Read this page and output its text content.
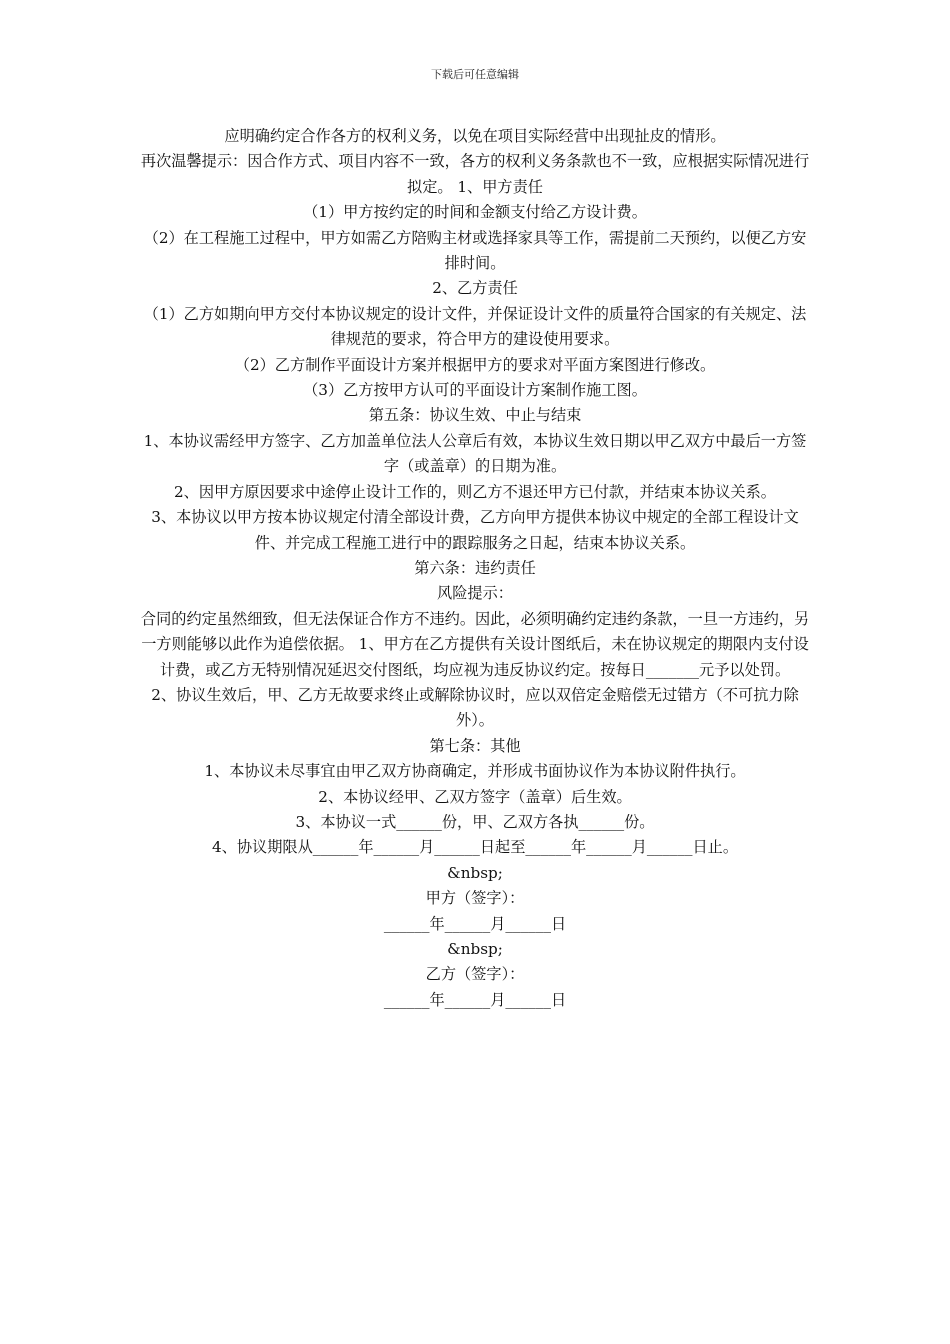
下载后可任意编辑

应明确约定合作各方的权利义务，以免在项目实际经营中出现扯皮的情形。

再次温馨提示：因合作方式、项目内容不一致，各方的权利义务条款也不一致，应根据实际情况进行拟定。 1、甲方责任

（1）甲方按约定的时间和金额支付给乙方设计费。

（2）在工程施工过程中，甲方如需乙方陪购主材或选择家具等工作，需提前二天预约，以便乙方安排时间。

2、乙方责任

（1）乙方如期向甲方交付本协议规定的设计文件，并保证设计文件的质量符合国家的有关规定、法律规范的要求，符合甲方的建设使用要求。

（2）乙方制作平面设计方案并根据甲方的要求对平面方案图进行修改。

（3）乙方按甲方认可的平面设计方案制作施工图。

第五条：协议生效、中止与结束

1、本协议需经甲方签字、乙方加盖单位法人公章后有效，本协议生效日期以甲乙双方中最后一方签字（或盖章）的日期为准。

2、因甲方原因要求中途停止设计工作的，则乙方不退还甲方已付款，并结束本协议关系。

3、本协议以甲方按本协议规定付清全部设计费，乙方向甲方提供本协议中规定的全部工程设计文件、并完成工程施工进行中的跟踪服务之日起，结束本协议关系。

第六条：违约责任

风险提示：

合同的约定虽然细致，但无法保证合作方不违约。因此，必须明确约定违约条款，一旦一方违约，另一方则能够以此作为追偿依据。 1、甲方在乙方提供有关设计图纸后，未在协议规定的期限内支付设计费，或乙方无特别情况延迟交付图纸，均应视为违反协议约定。按每日_______元予以处罚。

2、协议生效后，甲、乙方无故要求终止或解除协议时，应以双倍定金赔偿无过错方（不可抗力除外）。

第七条：其他

1、本协议未尽事宜由甲乙双方协商确定，并形成书面协议作为本协议附件执行。

2、本协议经甲、乙双方签字（盖章）后生效。

3、本协议一式______份，甲、乙双方各执______份。

4、协议期限从______年______月______日起至______年______月______日止。

&nbsp;

甲方（签字）：

______年______月______日

&nbsp;

乙方（签字）：

______年______月______日
